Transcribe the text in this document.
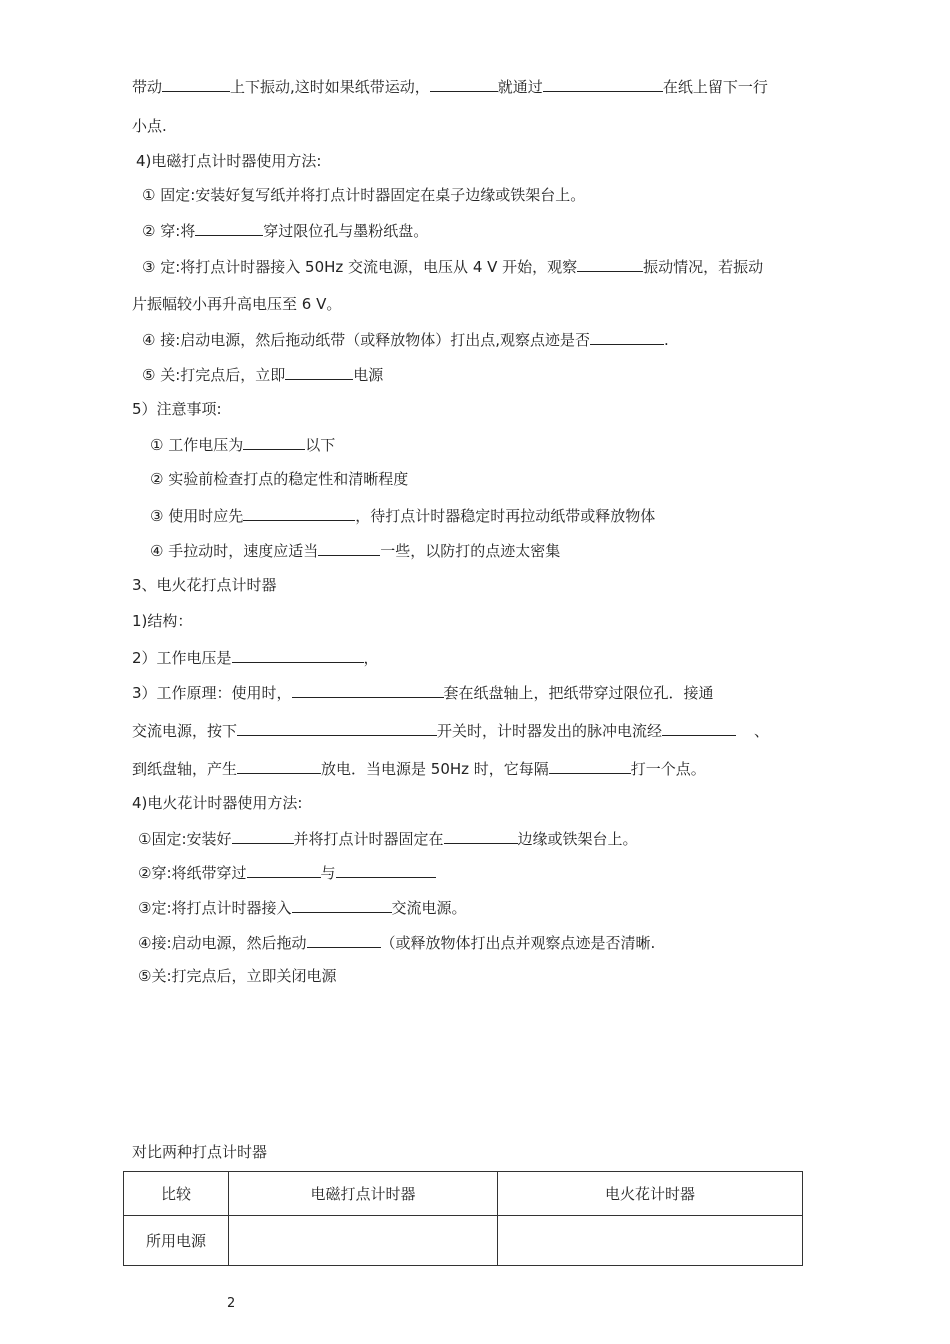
带动	上下振动,这时如果纸带运动，	就通过	在纸上留下一行
小点.
4)电磁打点计时器使用方法:
① 固定:安装好复写纸并将打点计时器固定在桌子边缘或铁架台上。
② 穿:将	穿过限位孔与墨粉纸盘。
③ 定:将打点计时器接入 50Hz 交流电源，电压从 4 V 开始，观察	振动情况，若振动
片振幅较小再升高电压至 6 V。
④ 接:启动电源，然后拖动纸带（或释放物体）打出点,观察点迹是否	.
⑤ 关:打完点后，立即	电源
5）注意事项:
① 工作电压为	以下
② 实验前检查打点的稳定性和清晰程度
③ 使用时应先	，待打点计时器稳定时再拉动纸带或释放物体
④ 手拉动时，速度应适当	一些，以防打的点迹太密集
3、电火花打点计时器
1)结构：
2）工作电压是	，
3）工作原理：使用时，	套在纸盘轴上，把纸带穿过限位孔．接通
交流电源，按下	开关时，计时器发出的脉冲电流经	、
到纸盘轴，产生	放电．当电源是 50Hz 时，它每隔	打一个点。
4)电火花计时器使用方法:
①固定:安装好	并将打点计时器固定在	边缘或铁架台上。
②穿:将纸带穿过	与
③定:将打点计时器接入	交流电源。
④接:启动电源，然后拖动	（或释放物体打出点并观察点迹是否清晰.
⑤关:打完点后，立即关闭电源
对比两种打点计时器
比较	电磁打点计时器	电火花计时器
所用电源		
2
